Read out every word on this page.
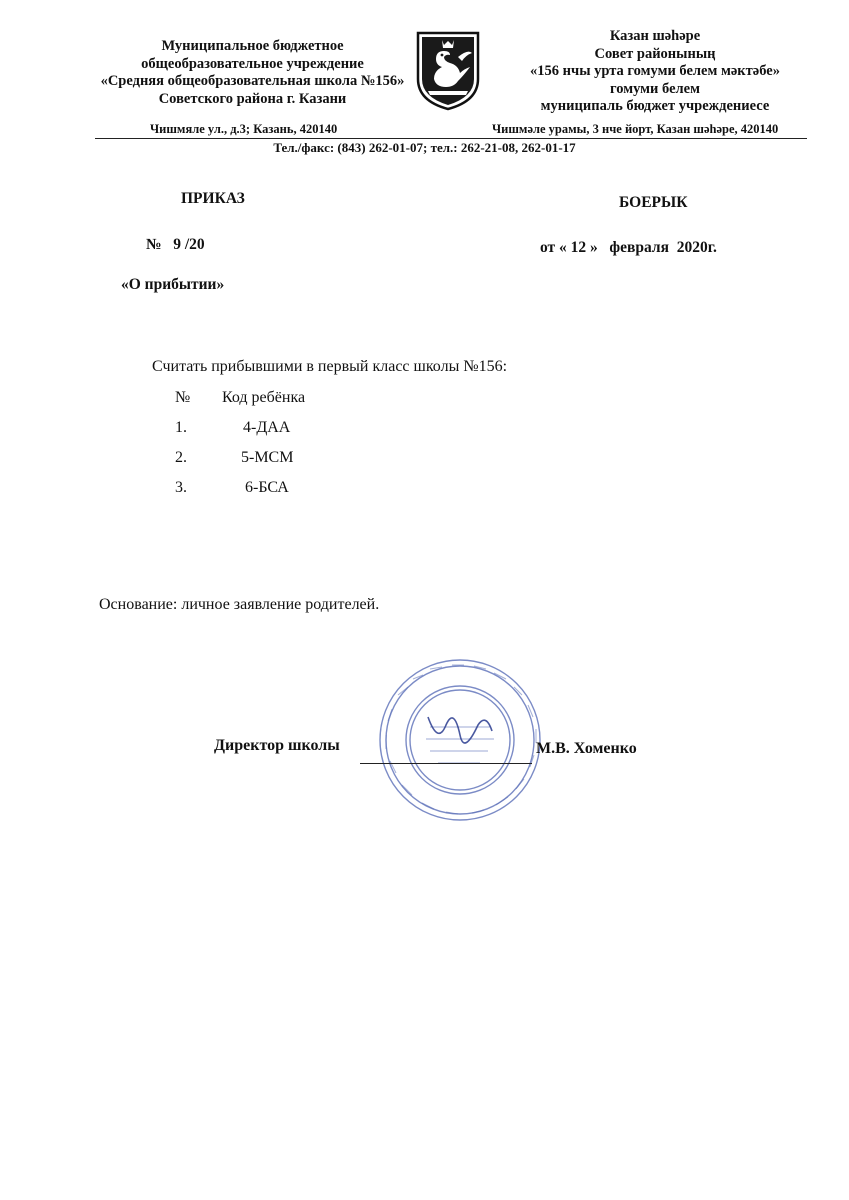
Муниципальное бюджетное
общеобразовательное учреждение
«Средняя общеобразовательная школа №156»
Советского района г. Казани
Казан шәһәре
Совет районының
«156 нчы урта гомуми белем мәктәбе»
гомуми белем
муниципаль бюджет учреждениесе
Чишмяле ул., д.3; Казань, 420140	Чишмәле урамы, 3 нче йорт, Казан шәһәре, 420140
Тел./факс: (843) 262-01-07; тел.: 262-21-08, 262-01-17
ПРИКАЗ	БОЕРЫК
№   9 /20	от « 12 »   февраля  2020г.
«О прибытии»
Считать прибывшими в первый класс школы №156:
№ Код ребёнка
1.	4-ДАА
2.	5-МСМ
3.	6-БСА
Основание: личное заявление родителей.
Директор школы	М.В. Хоменко
